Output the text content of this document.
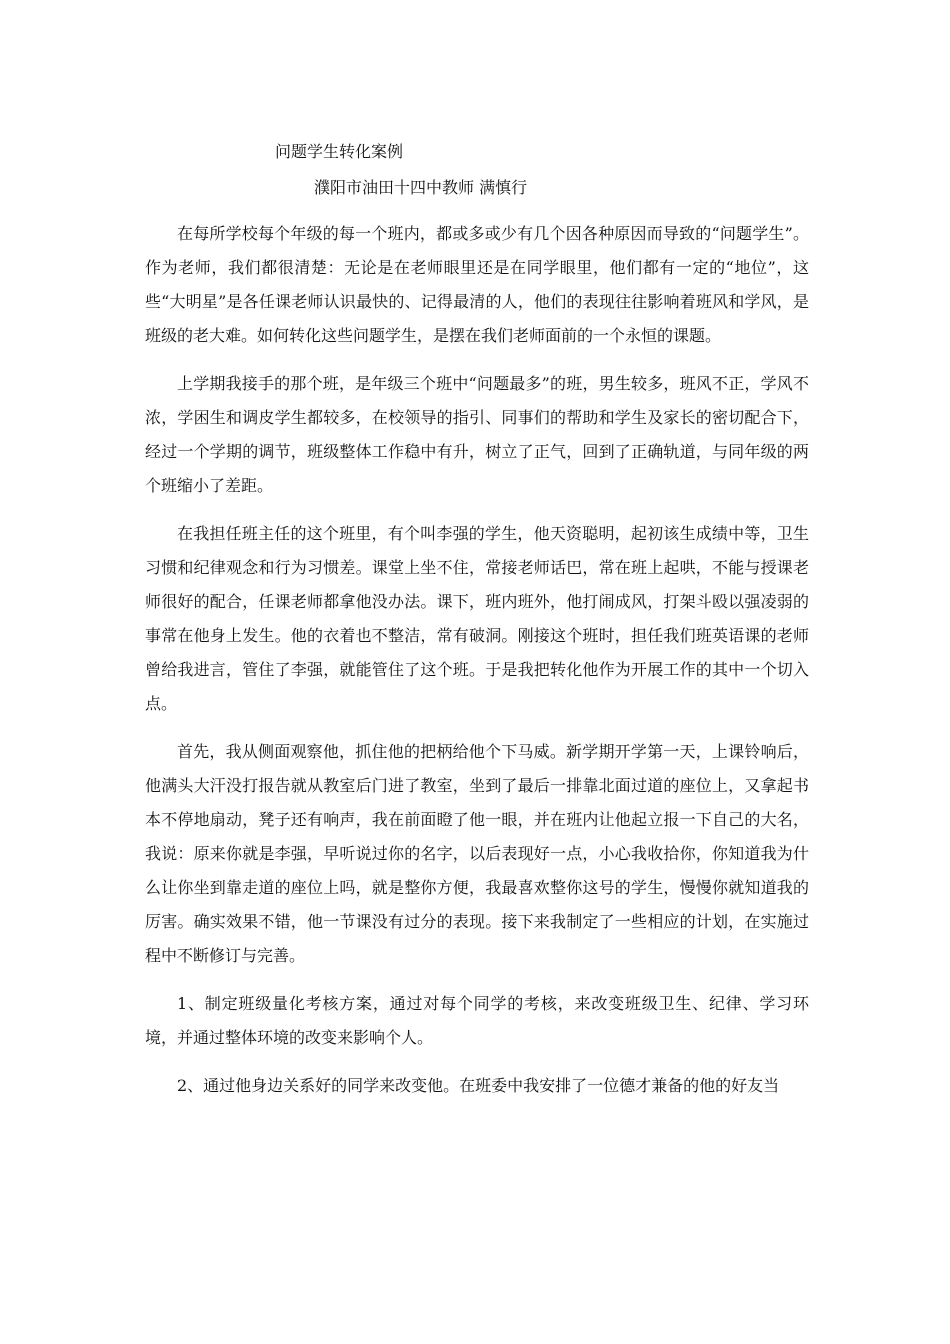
问题学生转化案例
濮阳市油田十四中教师 满慎行

在每所学校每个年级的每一个班内，都或多或少有几个因各种原因而导致的“问题学生”。作为老师，我们都很清楚：无论是在老师眼里还是在同学眼里，他们都有一定的“地位”，这些“大明星”是各任课老师认识最快的、记得最清的人，他们的表现往往影响着班风和学风，是班级的老大难。如何转化这些问题学生，是摆在我们老师面前的一个永恒的课题。

上学期我接手的那个班，是年级三个班中“问题最多”的班，男生较多，班风不正，学风不浓，学困生和调皮学生都较多，在校领导的指引、同事们的帮助和学生及家长的密切配合下，经过一个学期的调节，班级整体工作稳中有升，树立了正气，回到了正确轨道，与同年级的两个班缩小了差距。

在我担任班主任的这个班里，有个叫李强的学生，他天资聪明，起初该生成绩中等，卫生习惯和纪律观念和行为习惯差。课堂上坐不住，常接老师话巴，常在班上起哄，不能与授课老师很好的配合，任课老师都拿他没办法。课下，班内班外，他打闹成风，打架斗殴以强凌弱的事常在他身上发生。他的衣着也不整洁，常有破洞。刚接这个班时，担任我们班英语课的老师曾给我进言，管住了李强，就能管住了这个班。于是我把转化他作为开展工作的其中一个切入点。

首先，我从侧面观察他，抓住他的把柄给他个下马威。新学期开学第一天，上课铃响后，他满头大汗没打报告就从教室后门进了教室，坐到了最后一排靠北面过道的座位上，又拿起书本不停地扇动，凳子还有响声，我在前面瞪了他一眼，并在班内让他起立报一下自己的大名，我说：原来你就是李强，早听说过你的名字，以后表现好一点，小心我收拾你，你知道我为什么让你坐到靠走道的座位上吗，就是整你方便，我最喜欢整你这号的学生，慢慢你就知道我的厉害。确实效果不错，他一节课没有过分的表现。接下来我制定了一些相应的计划，在实施过程中不断修订与完善。

1、制定班级量化考核方案，通过对每个同学的考核，来改变班级卫生、纪律、学习环境，并通过整体环境的改变来影响个人。

2、通过他身边关系好的同学来改变他。在班委中我安排了一位德才兼备的他的好友当
